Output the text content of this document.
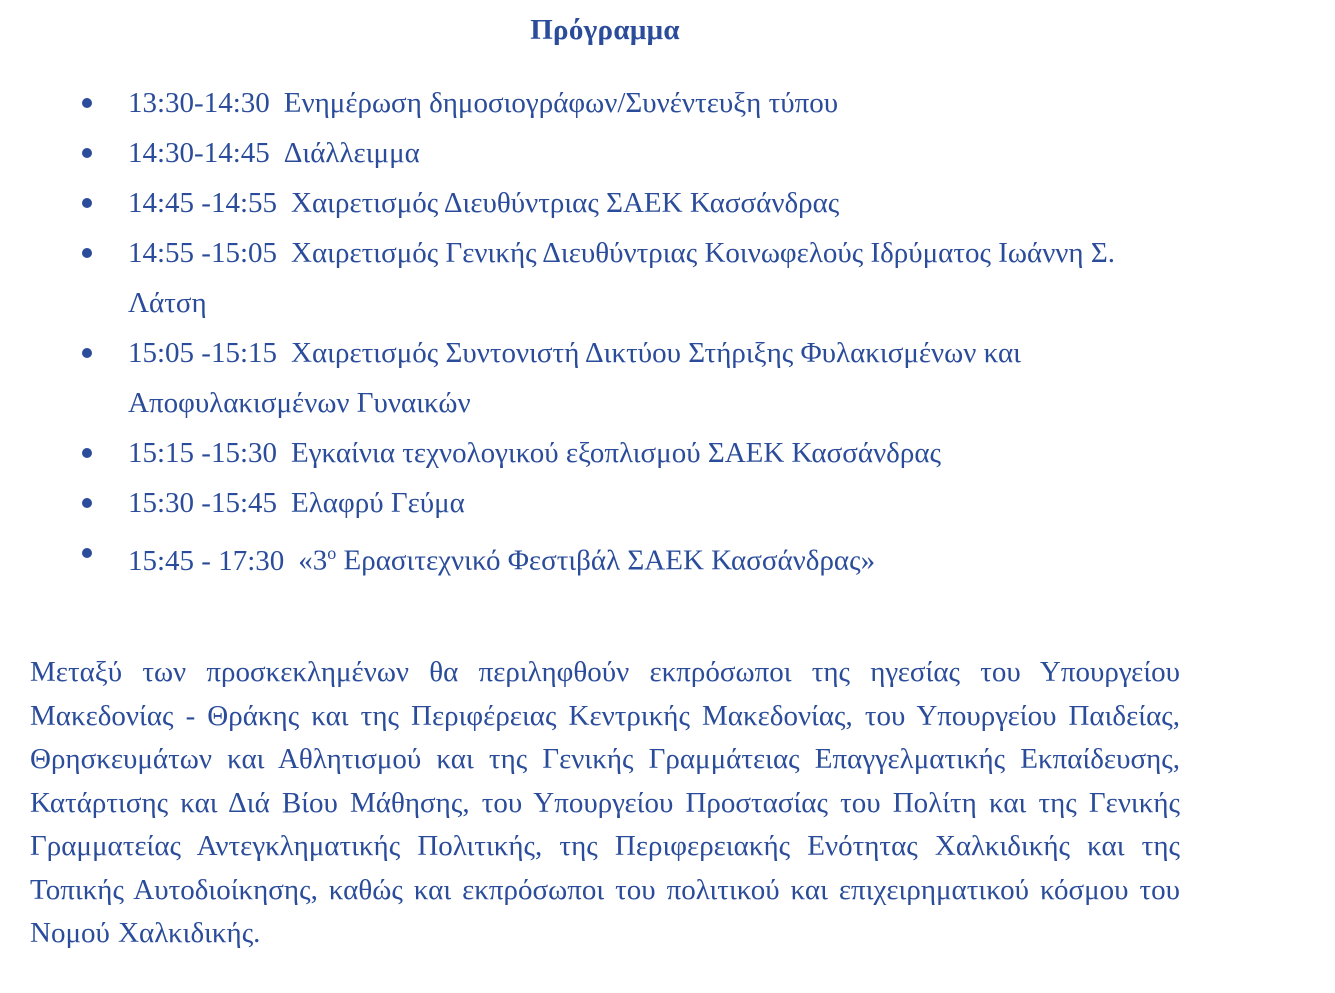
Πρόγραμμα
13:30-14:30 Ενημέρωση δημοσιογράφων/Συνέντευξη τύπου
14:30-14:45 Διάλλειμμα
14:45 -14:55 Χαιρετισμός Διευθύντριας ΣΑΕΚ Κασσάνδρας
14:55 -15:05 Χαιρετισμός Γενικής Διευθύντριας Κοινωφελούς Ιδρύματος Ιωάννη Σ. Λάτση
15:05 -15:15 Χαιρετισμός Συντονιστή Δικτύου Στήριξης Φυλακισμένων και Αποφυλακισμένων Γυναικών
15:15 -15:30 Εγκαίνια τεχνολογικού εξοπλισμού ΣΑΕΚ Κασσάνδρας
15:30 -15:45 Ελαφρύ Γεύμα
15:45 - 17:30 «$3^o$ Ερασιτεχνικό Φεστιβάλ ΣΑΕΚ Κασσάνδρας»

Μεταξύ των προσκεκλημένων θα περιληφθούν εκπρόσωποι της ηγεσίας του Υπουργείου Μακεδονίας - Θράκης και της Περιφέρειας Κεντρικής Μακεδονίας, του Υπουργείου Παιδείας, Θρησκευμάτων και Αθλητισμού και της Γενικής Γραμμάτειας Επαγγελματικής Εκπαίδευσης, Κατάρτισης και Διά Βίου Μάθησης, του Υπουργείου Προστασίας του Πολίτη και της Γενικής Γραμματείας Αντεγκληματικής Πολιτικής, της Περιφερειακής Ενότητας Χαλκιδικής και της Τοπικής Αυτοδιοίκησης, καθώς και εκπρόσωποι του πολιτικού και επιχειρηματικού κόσμου του Νομού Χαλκιδικής.
